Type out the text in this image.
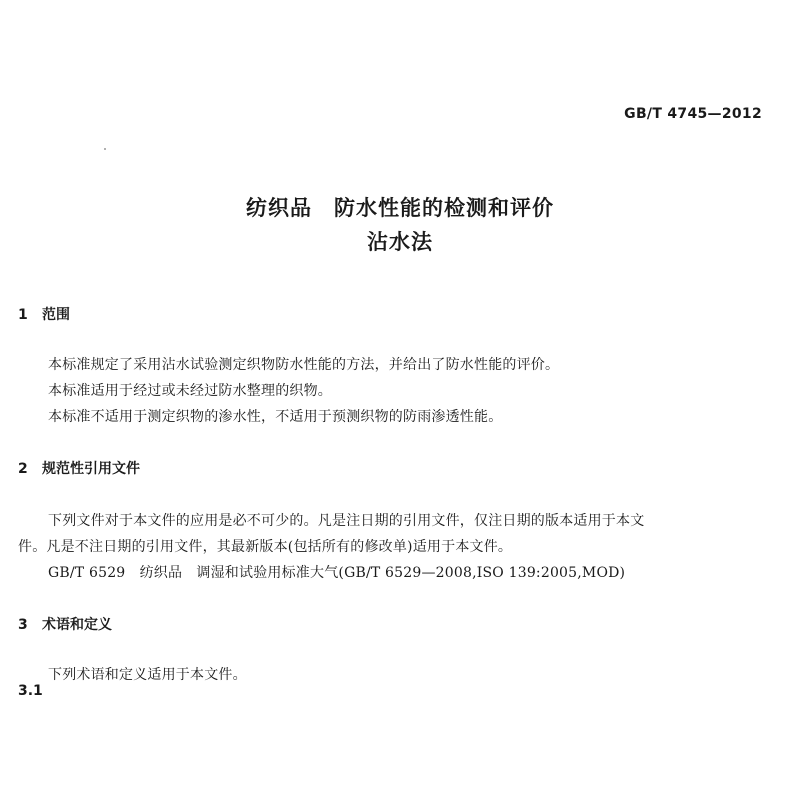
GB/T 4745—2012
纺织品 防水性能的检测和评价
沾水法
1 范围
本标准规定了采用沾水试验测定织物防水性能的方法，并给出了防水性能的评价。
本标准适用于经过或未经过防水整理的织物。
本标准不适用于测定织物的渗水性，不适用于预测织物的防雨渗透性能。
2 规范性引用文件
下列文件对于本文件的应用是必不可少的。凡是注日期的引用文件，仅注日期的版本适用于本文
件。凡是不注日期的引用文件，其最新版本(包括所有的修改单)适用于本文件。
GB/T 6529　纺织品　调湿和试验用标准大气(GB/T 6529—2008,ISO 139:2005,MOD)
3 术语和定义
下列术语和定义适用于本文件。
3.1
